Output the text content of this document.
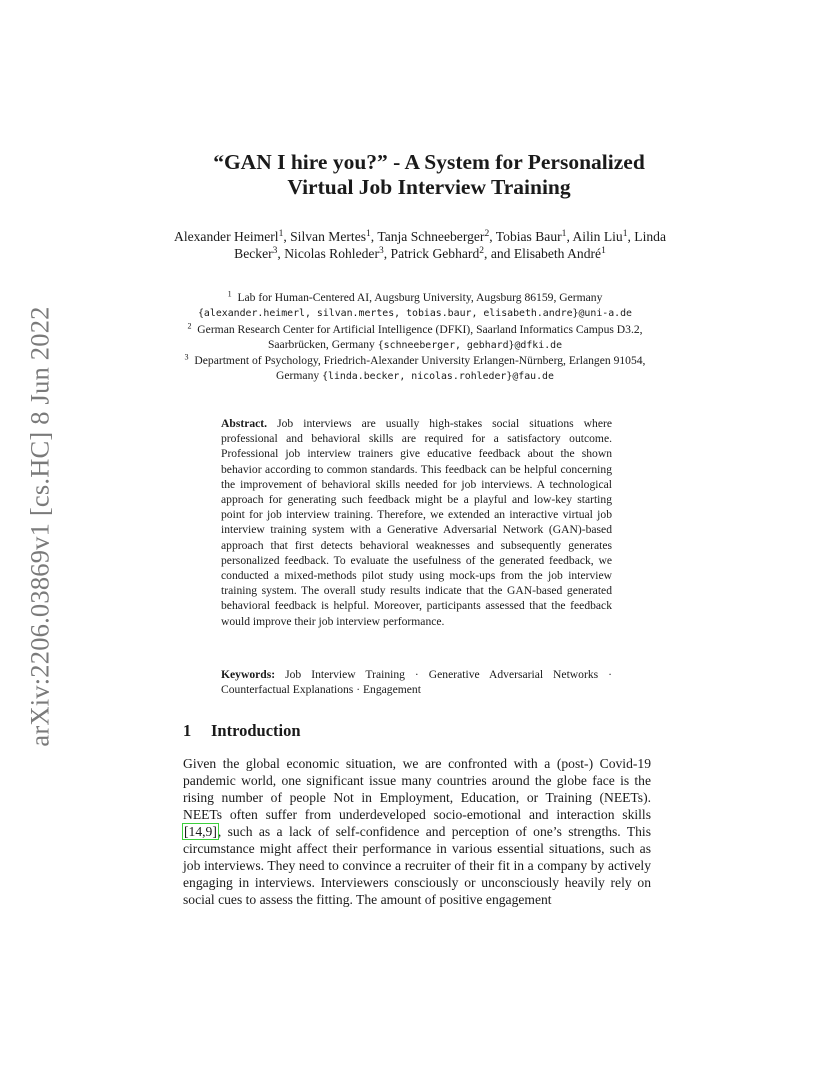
arXiv:2206.03869v1 [cs.HC] 8 Jun 2022
“GAN I hire you?” - A System for Personalized
Virtual Job Interview Training
Alexander Heimerl$^1$, Silvan Mertes$^1$, Tanja Schneeberger$^2$, Tobias Baur$^1$, Ailin Liu$^1$, Linda Becker$^3$, Nicolas Rohleder$^3$, Patrick Gebhard$^2$, and Elisabeth André$^1$
$^1$ Lab for Human-Centered AI, Augsburg University, Augsburg 86159, Germany {alexander.heimerl, silvan.mertes, tobias.baur, elisabeth.andre}@uni-a.de
$^2$ German Research Center for Artificial Intelligence (DFKI), Saarland Informatics Campus D3.2, Saarbrücken, Germany {schneeberger, gebhard}@dfki.de
$^3$ Department of Psychology, Friedrich-Alexander University Erlangen-Nürnberg, Erlangen 91054, Germany {linda.becker, nicolas.rohleder}@fau.de
Abstract. Job interviews are usually high-stakes social situations where professional and behavioral skills are required for a satisfactory outcome. Professional job interview trainers give educative feedback about the shown behavior according to common standards. This feedback can be helpful concerning the improvement of behavioral skills needed for job interviews. A technological approach for generating such feedback might be a playful and low-key starting point for job interview training. Therefore, we extended an interactive virtual job interview training system with a Generative Adversarial Network (GAN)-based approach that first detects behavioral weaknesses and subsequently generates personalized feedback. To evaluate the usefulness of the generated feedback, we conducted a mixed-methods pilot study using mock-ups from the job interview training system. The overall study results indicate that the GAN-based generated behavioral feedback is helpful. Moreover, participants assessed that the feedback would improve their job interview performance.
Keywords: Job Interview Training · Generative Adversarial Networks · Counterfactual Explanations · Engagement
1 Introduction
Given the global economic situation, we are confronted with a (post-) Covid-19 pandemic world, one significant issue many countries around the globe face is the rising number of people Not in Employment, Education, or Training (NEETs). NEETs often suffer from underdeveloped socio-emotional and interaction skills [14,9], such as a lack of self-confidence and perception of one’s strengths. This circumstance might affect their performance in various essential situations, such as job interviews. They need to convince a recruiter of their fit in a company by actively engaging in interviews. Interviewers consciously or unconsciously heavily rely on social cues to assess the fitting. The amount of positive engagement
